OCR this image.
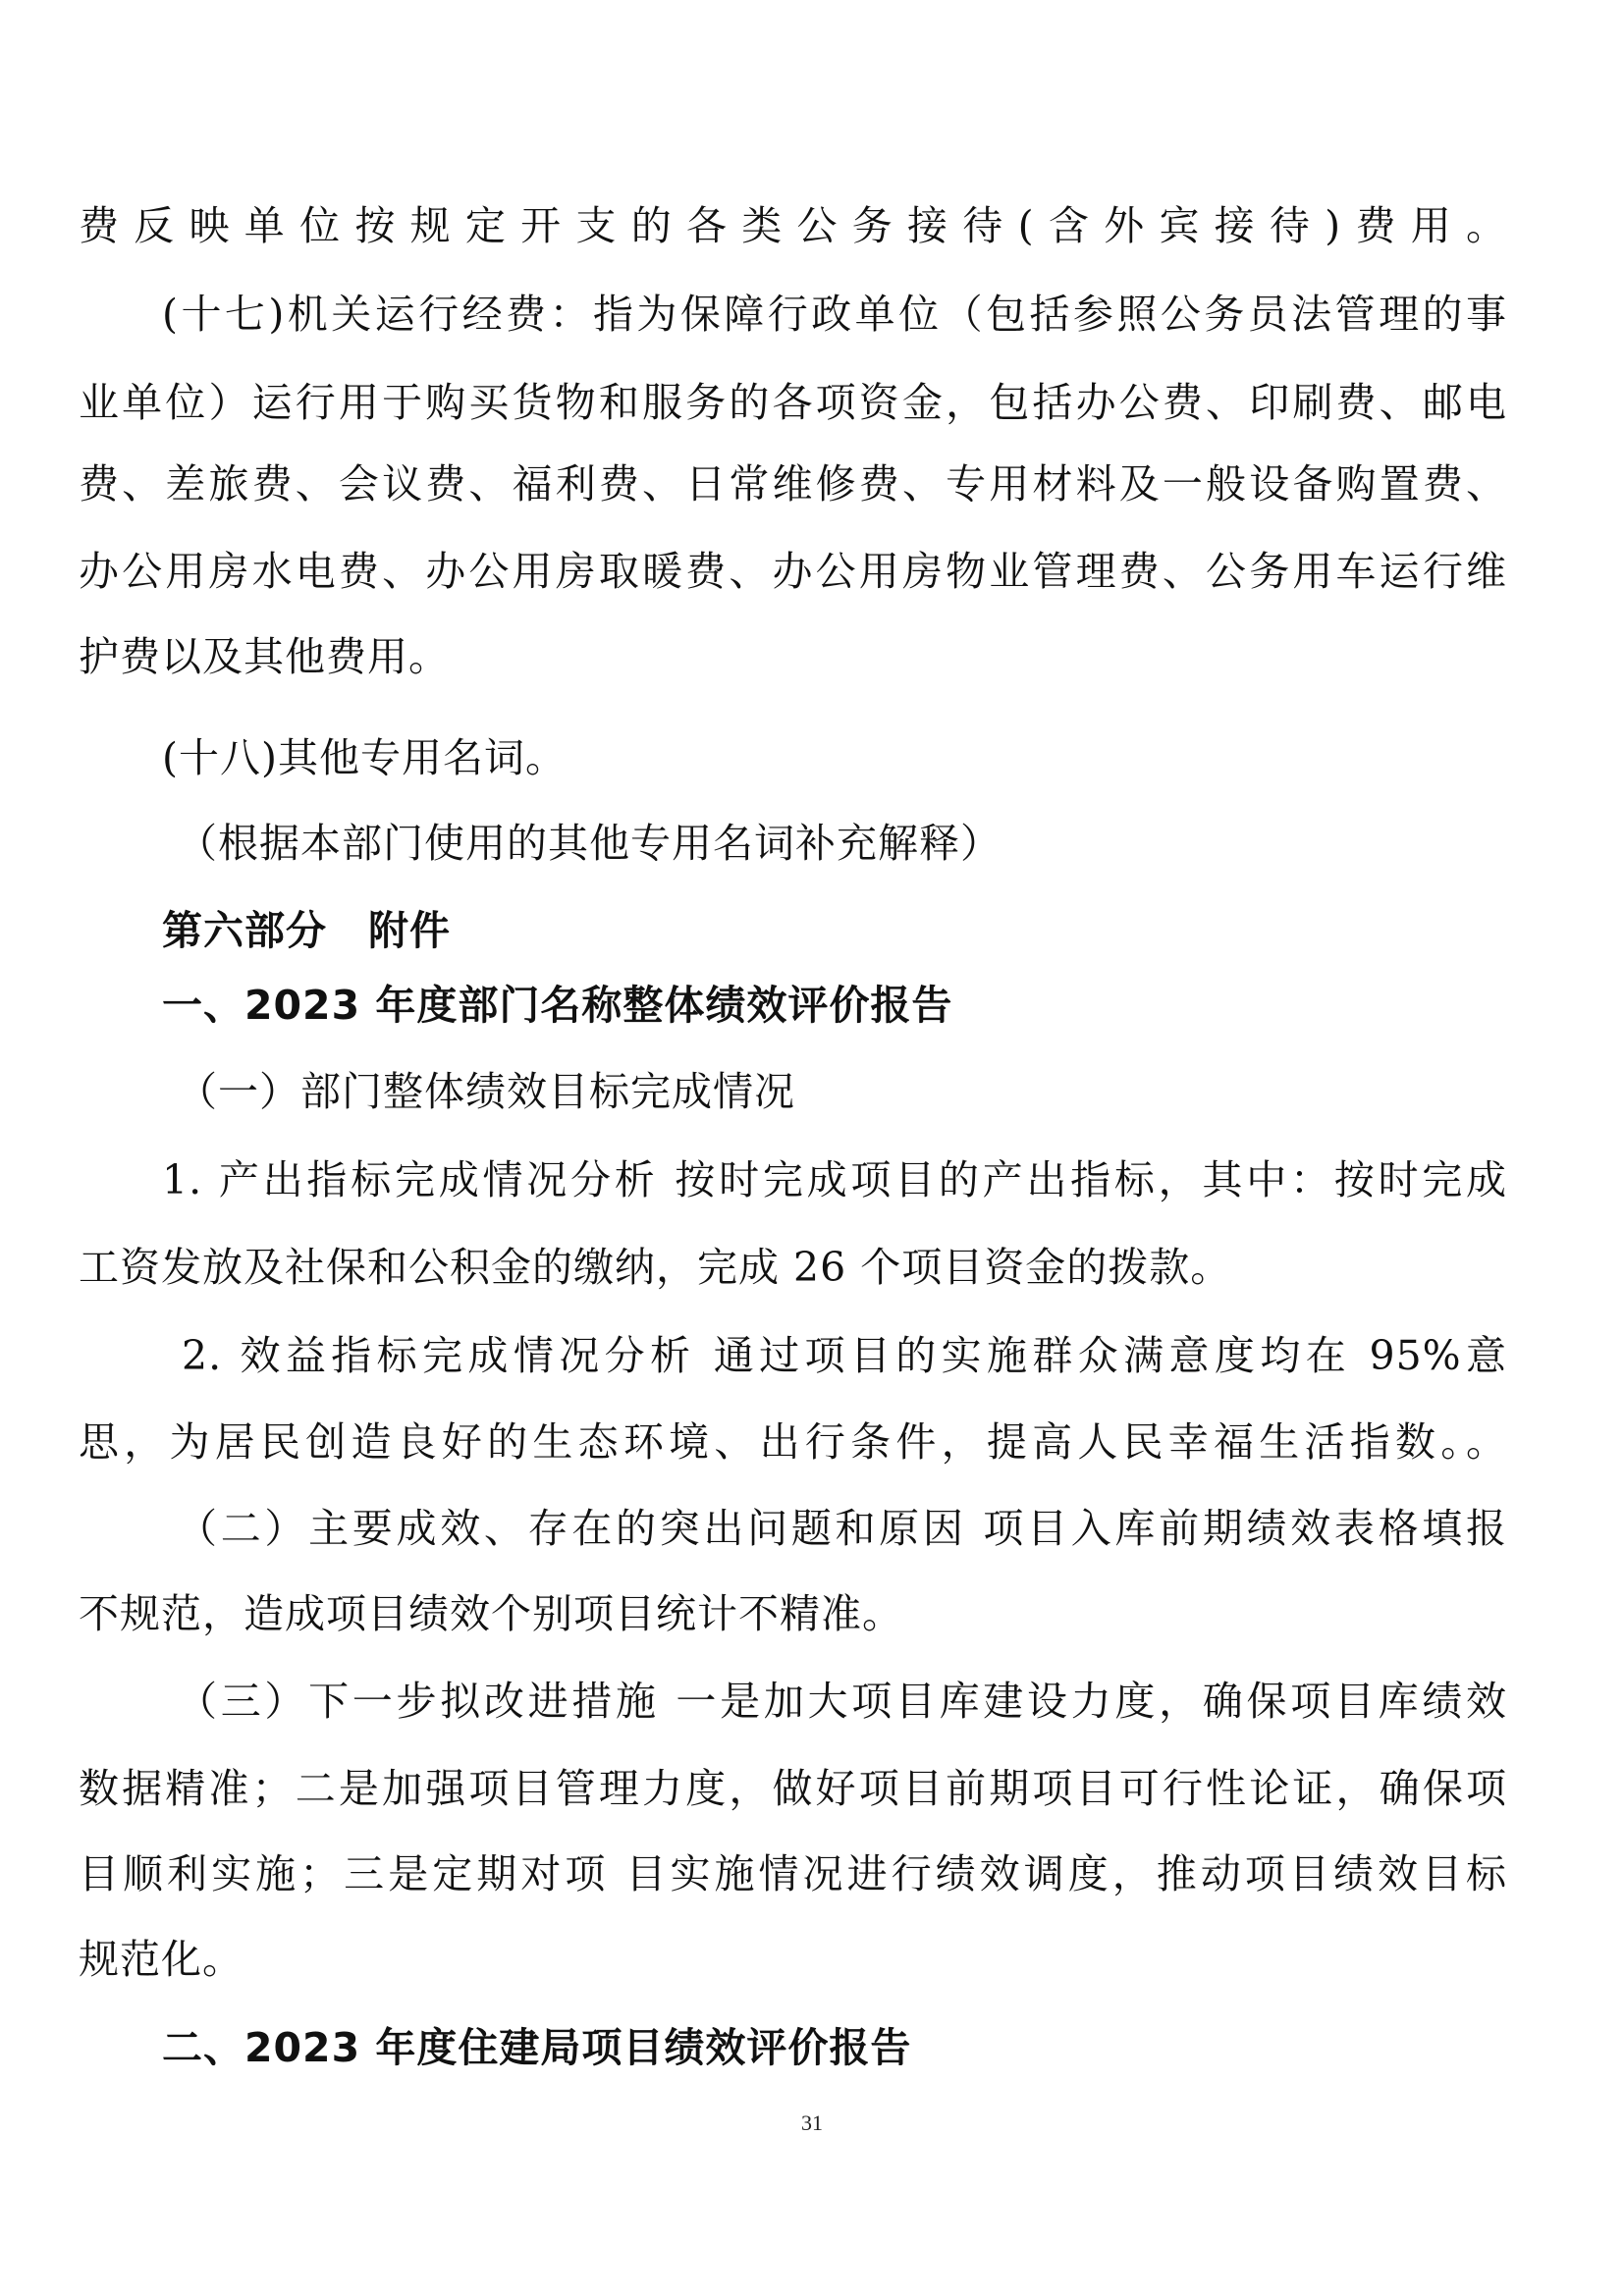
费反映单位按规定开支的各类公务接待(含外宾接待)费用。
(十七)机关运行经费：指为保障行政单位（包括参照公务员法管理的事
业单位）运行用于购买货物和服务的各项资金，包括办公费、印刷费、邮电
费、差旅费、会议费、福利费、日常维修费、专用材料及一般设备购置费、
办公用房水电费、办公用房取暖费、办公用房物业管理费、公务用车运行维
护费以及其他费用。
(十八)其他专用名词。
（根据本部门使用的其他专用名词补充解释）
第六部分　附件
一、2023 年度部门名称整体绩效评价报告
（一）部门整体绩效目标完成情况
1. 产出指标完成情况分析 按时完成项目的产出指标，其中：按时完成
工资发放及社保和公积金的缴纳，完成 26 个项目资金的拨款。
2. 效益指标完成情况分析 通过项目的实施群众满意度均在 95%意
思，为居民创造良好的生态环境、出行条件，提高人民幸福生活指数。。
（二）主要成效、存在的突出问题和原因 项目入库前期绩效表格填报
不规范，造成项目绩效个别项目统计不精准。
（三）下一步拟改进措施 一是加大项目库建设力度，确保项目库绩效
数据精准；二是加强项目管理力度，做好项目前期项目可行性论证，确保项
目顺利实施；三是定期对项 目实施情况进行绩效调度，推动项目绩效目标
规范化。
二、2023 年度住建局项目绩效评价报告
31
